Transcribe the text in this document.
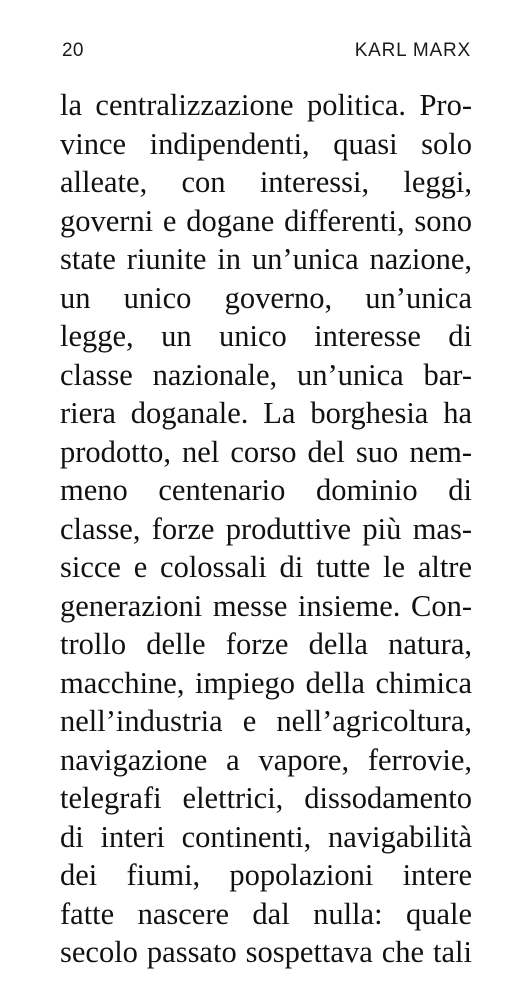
20	KARL MARX
la centralizzazione politica. Pro-
vince indipendenti, quasi solo
alleate, con interessi, leggi,
governi e dogane differenti, sono
state riunite in un’unica nazione,
un unico governo, un’unica
legge, un unico interesse di
classe nazionale, un’unica bar-
riera doganale. La borghesia ha
prodotto, nel corso del suo nem-
meno centenario dominio di
classe, forze produttive più mas-
sicce e colossali di tutte le altre
generazioni messe insieme. Con-
trollo delle forze della natura,
macchine, impiego della chimica
nell’industria e nell’agricoltura,
navigazione a vapore, ferrovie,
telegrafi elettrici, dissodamento
di interi continenti, navigabilità
dei fiumi, popolazioni intere
fatte nascere dal nulla: quale
secolo passato sospettava che tali
